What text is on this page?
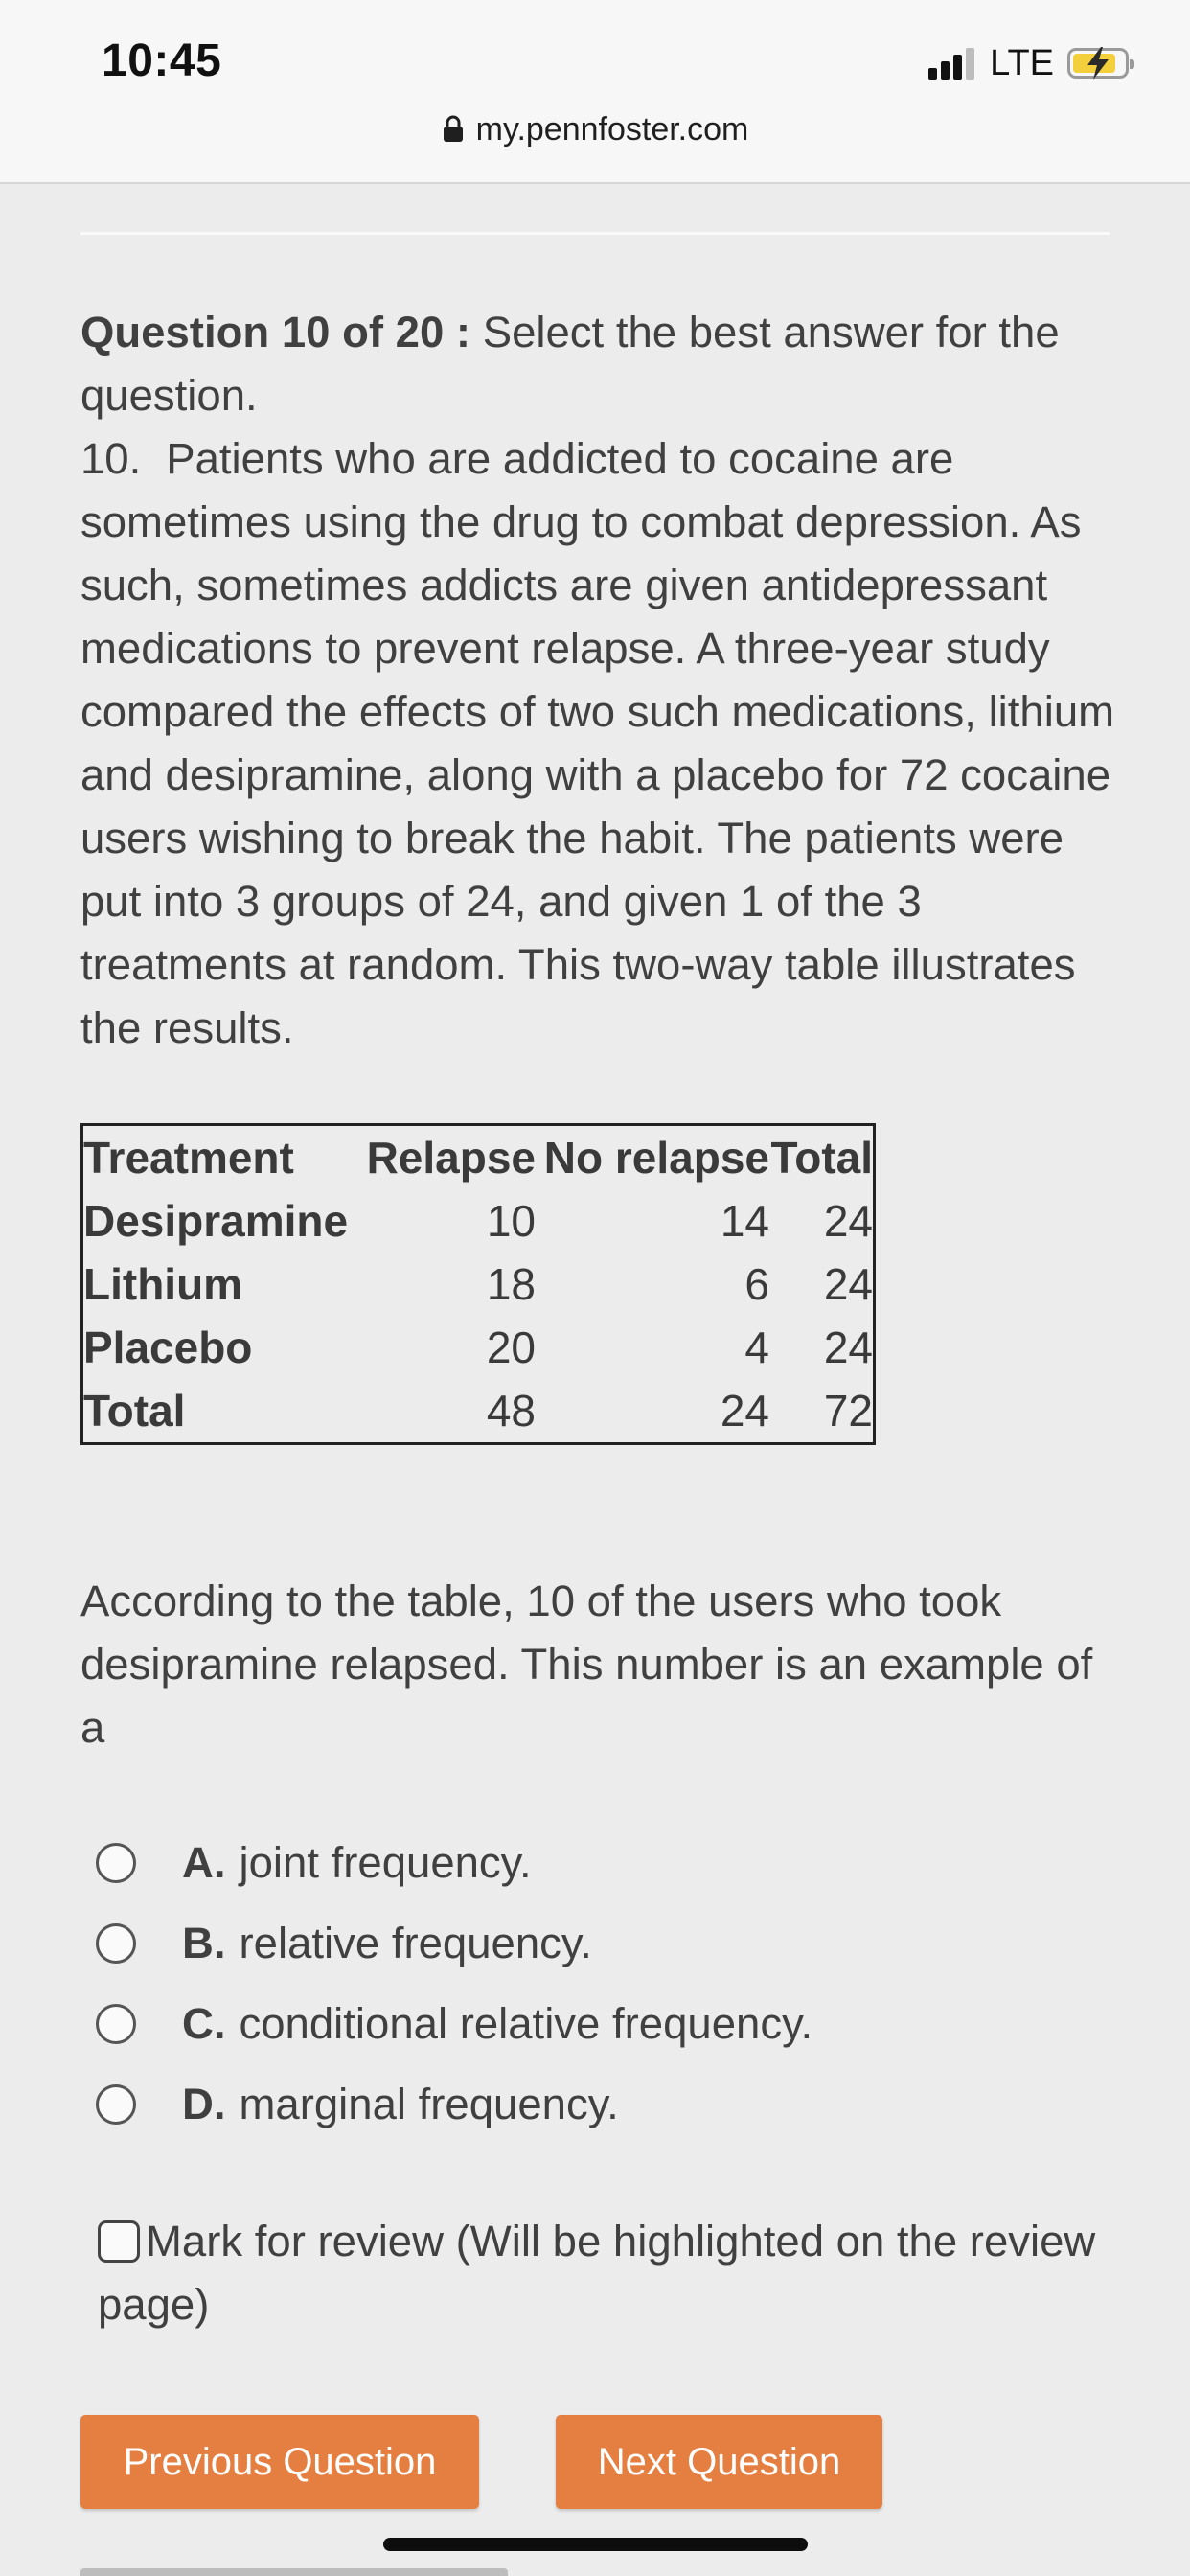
10:45	LTE
my.pennfoster.com
Question 10 of 20 : Select the best answer for the question.
10. Patients who are addicted to cocaine are sometimes using the drug to combat depression. As such, sometimes addicts are given antidepressant medications to prevent relapse. A three-year study compared the effects of two such medications, lithium and desipramine, along with a placebo for 72 cocaine users wishing to break the habit. The patients were put into 3 groups of 24, and given 1 of the 3 treatments at random. This two-way table illustrates the results.
Treatment	Relapse	No relapse	Total
Desipramine	10	14	24
Lithium	18	6	24
Placebo	20	4	24
Total	48	24	72
According to the table, 10 of the users who took desipramine relapsed. This number is an example of a
A. joint frequency.
B. relative frequency.
C. conditional relative frequency.
D. marginal frequency.
Mark for review (Will be highlighted on the review page)
Previous Question	Next Question
